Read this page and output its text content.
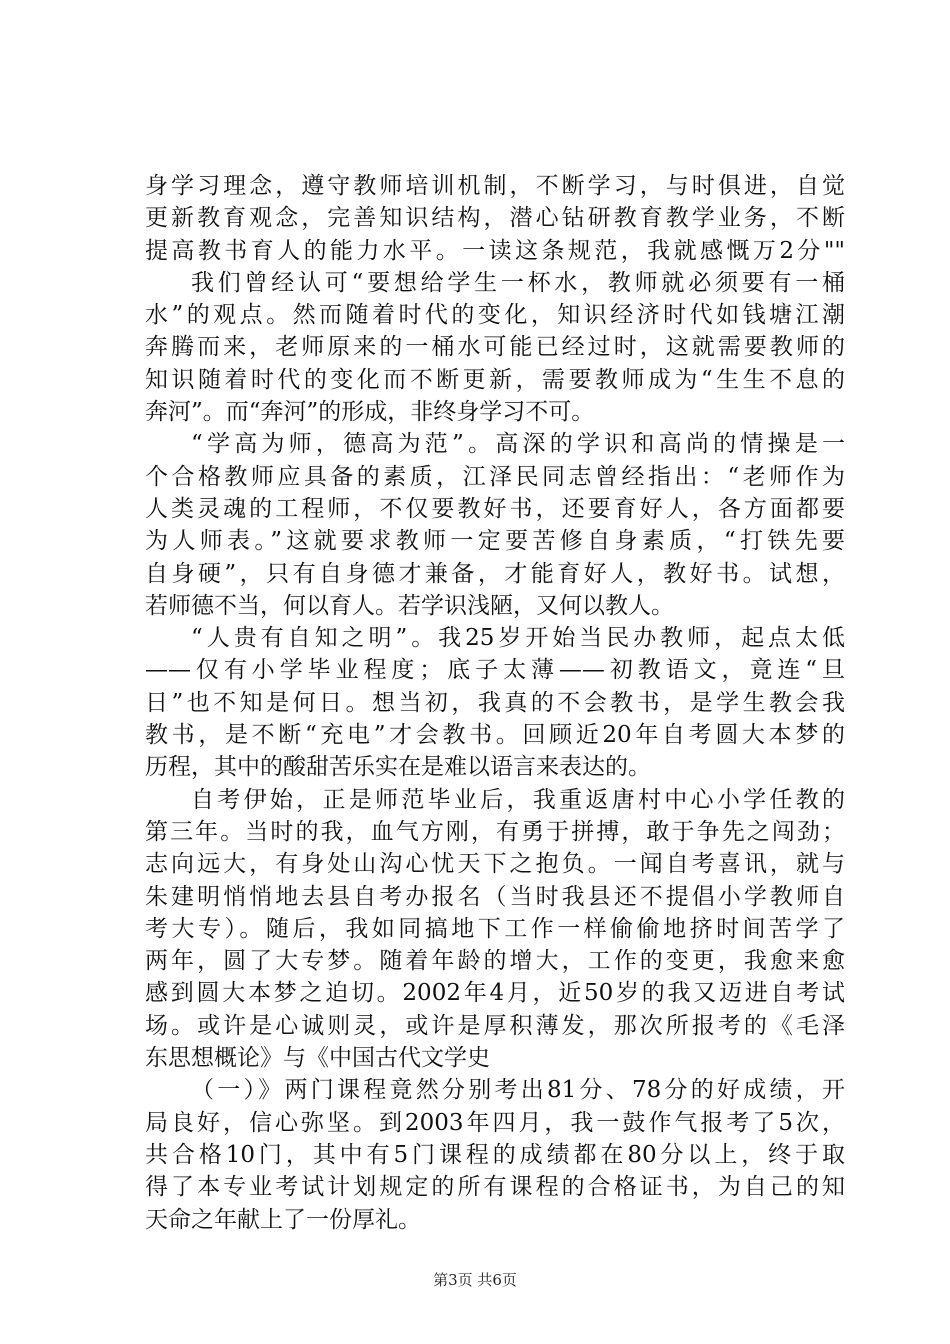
身学习理念，遵守教师培训机制，不断学习，与时俱进，自觉
更新教育观念，完善知识结构，潜心钻研教育教学业务，不断
提高教书育人的能力水平。一读这条规范，我就感慨万2分""
我们曾经认可“要想给学生一杯水，教师就必须要有一桶
水”的观点。然而随着时代的变化，知识经济时代如钱塘江潮
奔腾而来，老师原来的一桶水可能已经过时，这就需要教师的
知识随着时代的变化而不断更新，需要教师成为“生生不息的
奔河”。而“奔河”的形成，非终身学习不可。
“学高为师，德高为范”。高深的学识和高尚的情操是一
个合格教师应具备的素质，江泽民同志曾经指出：“老师作为
人类灵魂的工程师，不仅要教好书，还要育好人，各方面都要
为人师表。”这就要求教师一定要苦修自身素质，“打铁先要
自身硬”，只有自身德才兼备，才能育好人，教好书。试想，
若师德不当，何以育人。若学识浅陋，又何以教人。
“人贵有自知之明”。我25岁开始当民办教师，起点太低
——仅有小学毕业程度；底子太薄——初教语文，竟连“旦
日”也不知是何日。想当初，我真的不会教书，是学生教会我
教书，是不断“充电”才会教书。回顾近20年自考圆大本梦的
历程，其中的酸甜苦乐实在是难以语言来表达的。
自考伊始，正是师范毕业后，我重返唐村中心小学任教的
第三年。当时的我，血气方刚，有勇于拼搏，敢于争先之闯劲；
志向远大，有身处山沟心忧天下之抱负。一闻自考喜讯，就与
朱建明悄悄地去县自考办报名（当时我县还不提倡小学教师自
考大专）。随后，我如同搞地下工作一样偷偷地挤时间苦学了
两年，圆了大专梦。随着年龄的增大，工作的变更，我愈来愈
感到圆大本梦之迫切。2002年4月，近50岁的我又迈进自考试
场。或许是心诚则灵，或许是厚积薄发，那次所报考的《毛泽
东思想概论》与《中国古代文学史
（一）》两门课程竟然分别考出81分、78分的好成绩，开
局良好，信心弥坚。到2003年四月，我一鼓作气报考了5次，
共合格10门，其中有5门课程的成绩都在80分以上，终于取
得了本专业考试计划规定的所有课程的合格证书，为自己的知
天命之年献上了一份厚礼。
第3页 共6页
